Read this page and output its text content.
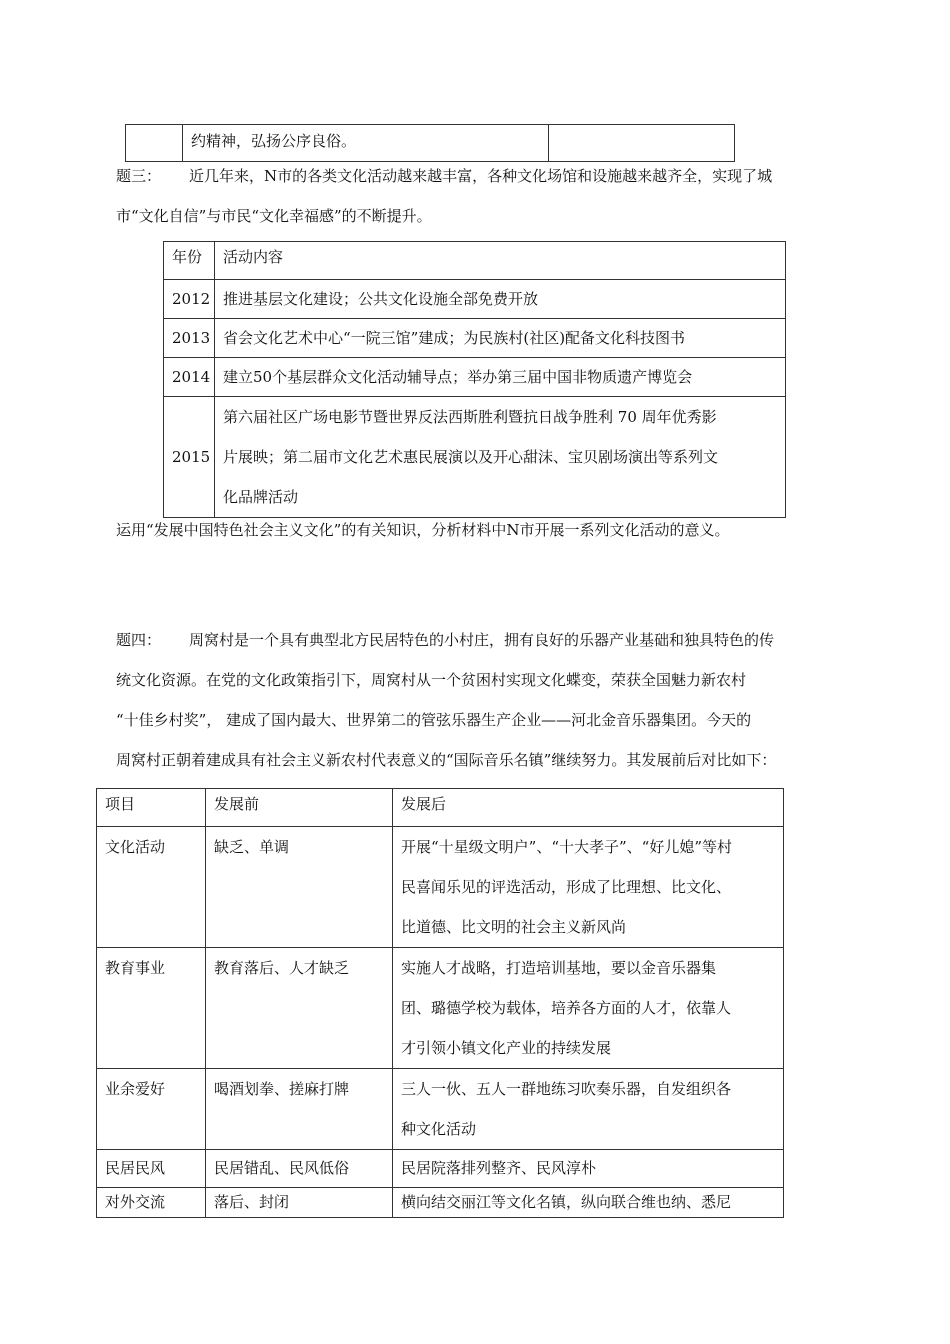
	约精神，弘扬公序良俗。	
题三： 近几年来，N市的各类文化活动越来越丰富，各种文化场馆和设施越来越齐全，实现了城
市“文化自信”与市民“文化幸福感”的不断提升。
年份	活动内容
2012	推进基层文化建设；公共文化设施全部免费开放
2013	省会文化艺术中心“一院三馆”建成；为民族村(社区)配备文化科技图书
2014	建立50个基层群众文化活动辅导点；举办第三届中国非物质遗产博览会
2015	第六届社区广场电影节暨世界反法西斯胜利暨抗日战争胜利 70 周年优秀影
片展映；第二届市文化艺术惠民展演以及开心甜沫、宝贝剧场演出等系列文
化品牌活动
运用“发展中国特色社会主义文化”的有关知识，分析材料中N市开展一系列文化活动的意义。
题四： 周窝村是一个具有典型北方民居特色的小村庄，拥有良好的乐器产业基础和独具特色的传
统文化资源。在党的文化政策指引下，周窝村从一个贫困村实现文化蝶变，荣获全国魅力新农村
“十佳乡村奖”， 建成了国内最大、世界第二的管弦乐器生产企业——河北金音乐器集团。今天的
周窝村正朝着建成具有社会主义新农村代表意义的“国际音乐名镇”继续努力。其发展前后对比如下：
项目	发展前	发展后
文化活动	缺乏、单调	开展“十星级文明户”、“十大孝子”、“好儿媳”等村
民喜闻乐见的评选活动，形成了比理想、比文化、
比道德、比文明的社会主义新风尚

教育事业	教育落后、人才缺乏	实施人才战略，打造培训基地，要以金音乐器集
团、璐德学校为载体，培养各方面的人才，依靠人
才引领小镇文化产业的持续发展

业余爱好	喝酒划拳、搓麻打牌	三人一伙、五人一群地练习吹奏乐器，自发组织各
种文化活动

民居民风	民居错乱、民风低俗	民居院落排列整齐、民风淳朴
对外交流	落后、封闭	横向结交丽江等文化名镇，纵向联合维也纳、悉尼
